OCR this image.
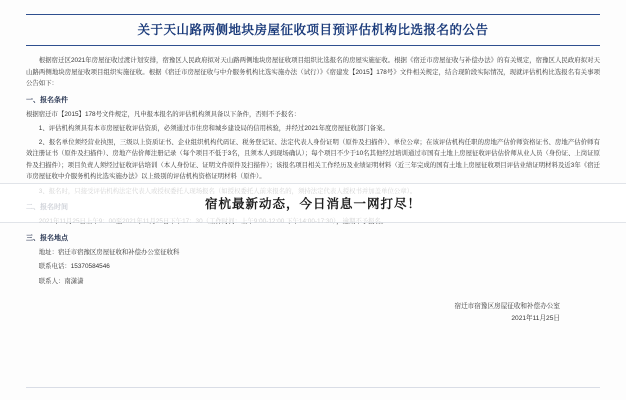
关于天山路两侧地块房屋征收项目预评估机构比选报名的公告

根据宿迁区2021年房屋征收过渡计划安排，宿豫区人民政府拟对天山路两侧地块房屋征收项目组织比选报名的房屋实施征收。根据《宿迁市房屋征收与补偿办法》的有关规定，宿豫区人民政府拟对天山路两侧地块房屋征收项目组织实施征收。根据《宿迁市房屋征收与中介服务机构比选实施办法（试行）》《宿建发【2015】178号》文件相关规定，结合现阶段实际情况，现就评估机构比选报名有关事项公告如下：

一、报名条件
根据宿迁市【2015】178号文件规定，凡申报本报名的评估机构须具备以下条件，否则不予报名：

1、评估机构须具有本市房屋征收评估资质，必须通过市住房和城乡建设局的信用核验，并经过2021年度房屋征收部门备案。

2、报名单位须经营业执照，三级以上资质证书、企业组织机构代码证、税务登记证、法定代表人身份证明（原件及扫描件）、单位公章；在该评估机构任职的房地产估价师资格证书、房地产估价师有效注册证书（原件及扫描件）、房地产估价师注册记录（每个项目不低于3名，且须本人到现场确认）；每个项目不少于10名其他经过培训通过市国有土地上房屋征收评估估价师从业人员（身份证、上岗证原件及扫描件）；项目负责人须经过征收评估培训（本人身份证、证明文件原件及扫描件）；该报名项目相关工作经历及业绩证明材料（近三年完成的国有土地上房屋征收项目评估业绩证明材料及近3年《宿迁市房屋征收中介服务机构比选实施办法》以上级别的评估机构资格证明材料（原件）。

三、报名地点

地址：宿迁市宿豫区房屋征收和补偿办公室征收科

联系电话：15370584546

联系人：南潇潇

宿迁市宿豫区房屋征收和补偿办公室
2021年11月25日
宿杭最新动态，今日消息一网打尽！
